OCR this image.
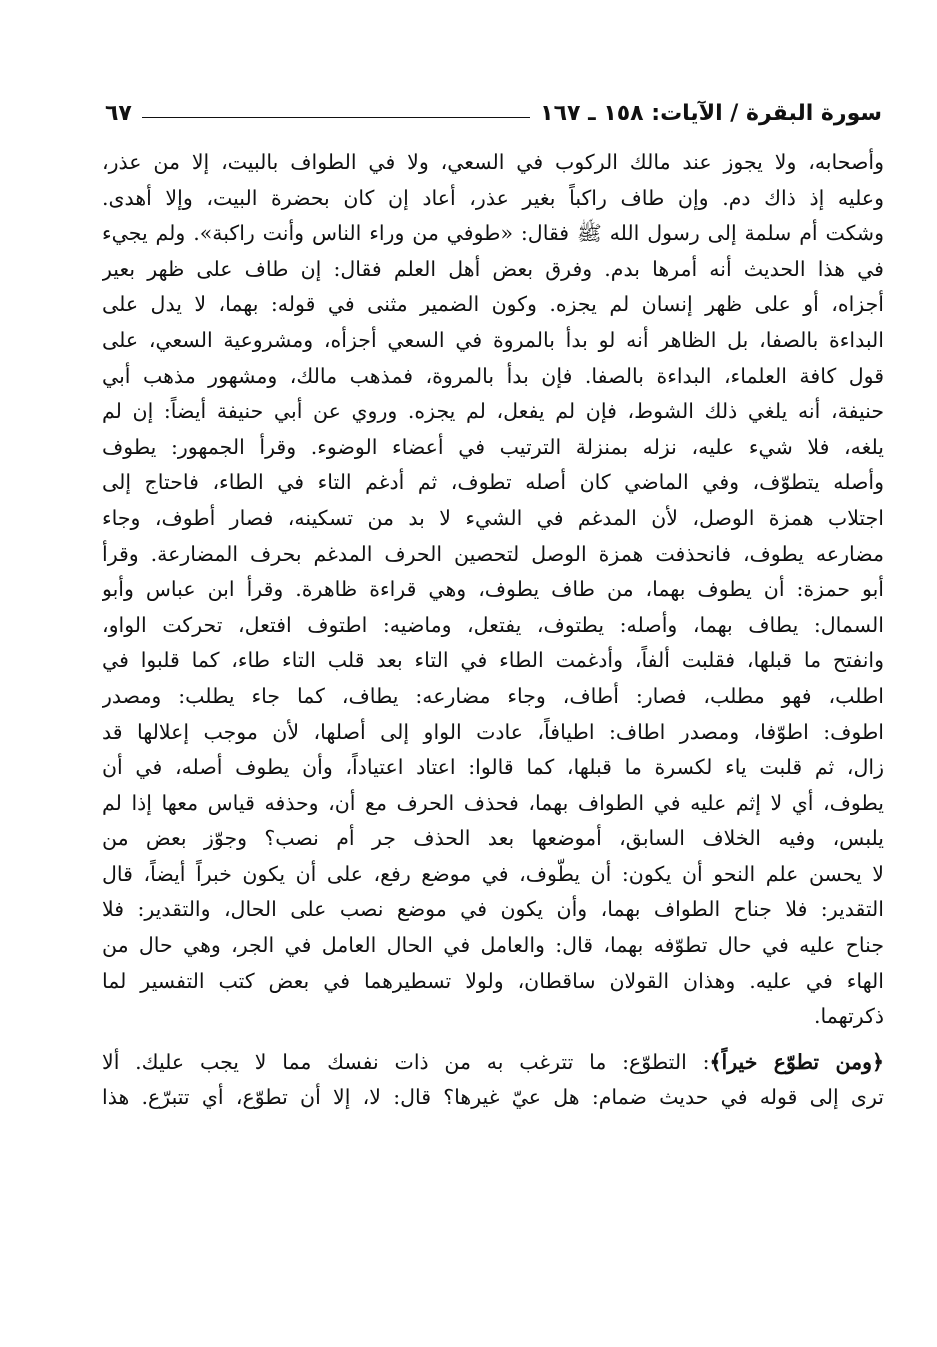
سورة البقرة / الآيات: ١٥٨ ـ ١٦٧
٦٧
وأصحابه، ولا يجوز عند مالك الركوب في السعي، ولا في الطواف بالبيت، إلا من عذر،
وعليه إذ ذاك دم. وإن طاف راكباً بغير عذر، أعاد إن كان بحضرة البيت، وإلا أهدى.
وشكت أم سلمة إلى رسول الله ﷺ فقال: «طوفي من وراء الناس وأنت راكبة». ولم يجيء
في هذا الحديث أنه أمرها بدم. وفرق بعض أهل العلم فقال: إن طاف على ظهر بعير
أجزاه، أو على ظهر إنسان لم يجزه. وكون الضمير مثنى في قوله: بهما، لا يدل على
البداءة بالصفا، بل الظاهر أنه لو بدأ بالمروة في السعي أجزأه، ومشروعية السعي، على
قول كافة العلماء، البداءة بالصفا. فإن بدأ بالمروة، فمذهب مالك، ومشهور مذهب أبي
حنيفة، أنه يلغي ذلك الشوط، فإن لم يفعل، لم يجزه. وروي عن أبي حنيفة أيضاً: إن لم
يلغه، فلا شيء عليه، نزله بمنزلة الترتيب في أعضاء الوضوء. وقرأ الجمهور: يطوف
وأصله يتطوّف، وفي الماضي كان أصله تطوف، ثم أدغم التاء في الطاء، فاحتاج إلى
اجتلاب همزة الوصل، لأن المدغم في الشيء لا بد من تسكينه، فصار أطوف، وجاء
مضارعه يطوف، فانحذفت همزة الوصل لتحصين الحرف المدغم بحرف المضارعة. وقرأ
أبو حمزة: أن يطوف بهما، من طاف يطوف، وهي قراءة ظاهرة. وقرأ ابن عباس وأبو
السمال: يطاف بهما، وأصله: يطتوف، يفتعل، وماضيه: اطتوف افتعل، تحركت الواو،
وانفتح ما قبلها، فقلبت ألفاً، وأدغمت الطاء في التاء بعد قلب التاء طاء، كما قلبوا في
اطلب، فهو مطلب، فصار: أطاف، وجاء مضارعه: يطاف، كما جاء يطلب: ومصدر
اطوف: اطوّفا، ومصدر اطاف: اطيافاً، عادت الواو إلى أصلها، لأن موجب إعلالها قد
زال، ثم قلبت ياء لكسرة ما قبلها، كما قالوا: اعتاد اعتياداً، وأن يطوف أصله، في أن
يطوف، أي لا إثم عليه في الطواف بهما، فحذف الحرف مع أن، وحذفه قياس معها إذا لم
يلبس، وفيه الخلاف السابق، أموضعها بعد الحذف جر أم نصب؟ وجوّز بعض من
لا يحسن علم النحو أن يكون: أن يطّوف، في موضع رفع، على أن يكون خبراً أيضاً، قال
التقدير: فلا جناح الطواف بهما، وأن يكون في موضع نصب على الحال، والتقدير: فلا
جناح عليه في حال تطوّفه بهما، قال: والعامل في الحال العامل في الجر، وهي حال من
الهاء في عليه. وهذان القولان ساقطان، ولولا تسطيرهما في بعض كتب التفسير لما
ذكرتهما.
﴿ومن تطوّع خيراً﴾: التطوّع: ما تترغب به من ذات نفسك مما لا يجب عليك. ألا
ترى إلى قوله في حديث ضمام: هل عيّ غيرها؟ قال: لا، إلا أن تطوّع، أي تتبرّع. هذا
